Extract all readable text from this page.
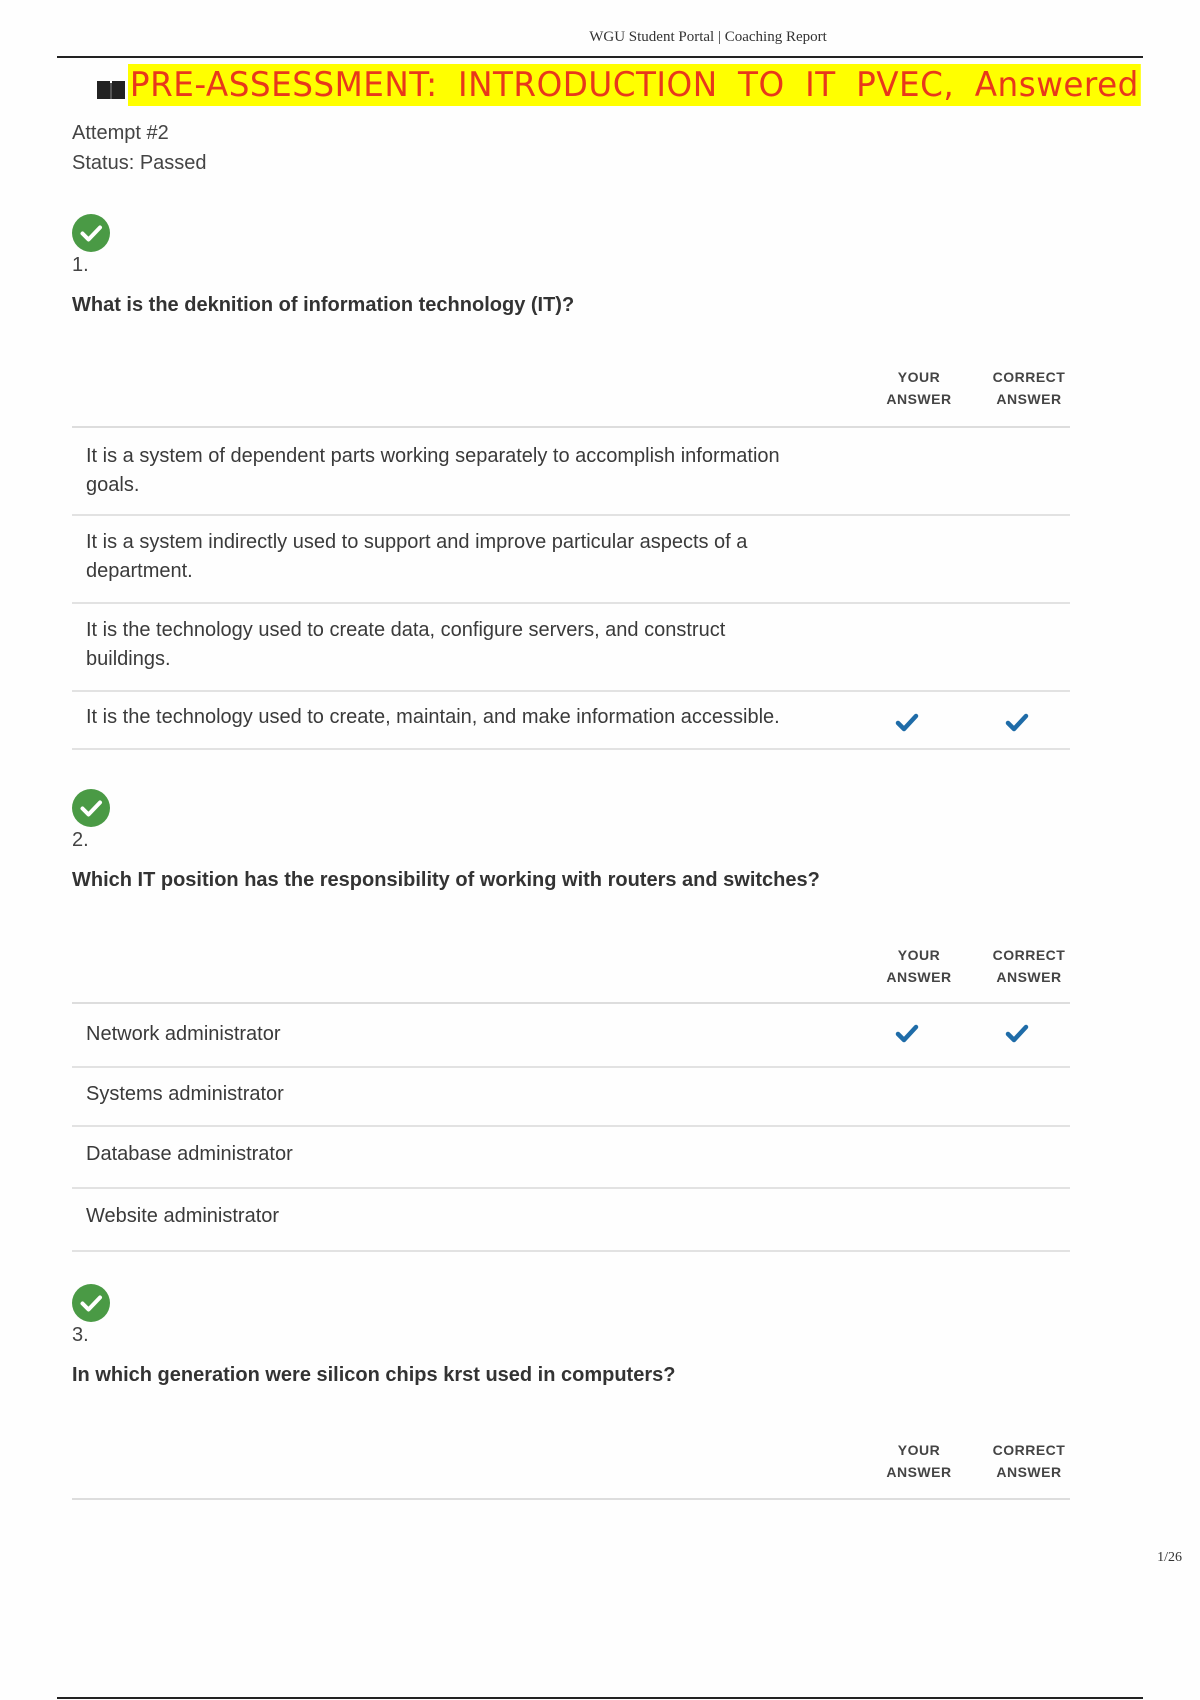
WGU Student Portal | Coaching Report
PRE-ASSESSMENT: INTRODUCTION TO IT PVEC, Answered
Attempt #2
Status: Passed
1.
What is the deknition of information technology (IT)?
YOUR
ANSWER
CORRECT
ANSWER
It is a system of dependent parts working separately to accomplish information
goals.
It is a system indirectly used to support and improve particular aspects of a
department.
It is the technology used to create data, configure servers, and construct
buildings.
It is the technology used to create, maintain, and make information accessible.
2.
Which IT position has the responsibility of working with routers and switches?
YOUR
ANSWER
CORRECT
ANSWER
Network administrator
Systems administrator
Database administrator
Website administrator
3.
In which generation were silicon chips krst used in computers?
YOUR
ANSWER
CORRECT
ANSWER
1/26
